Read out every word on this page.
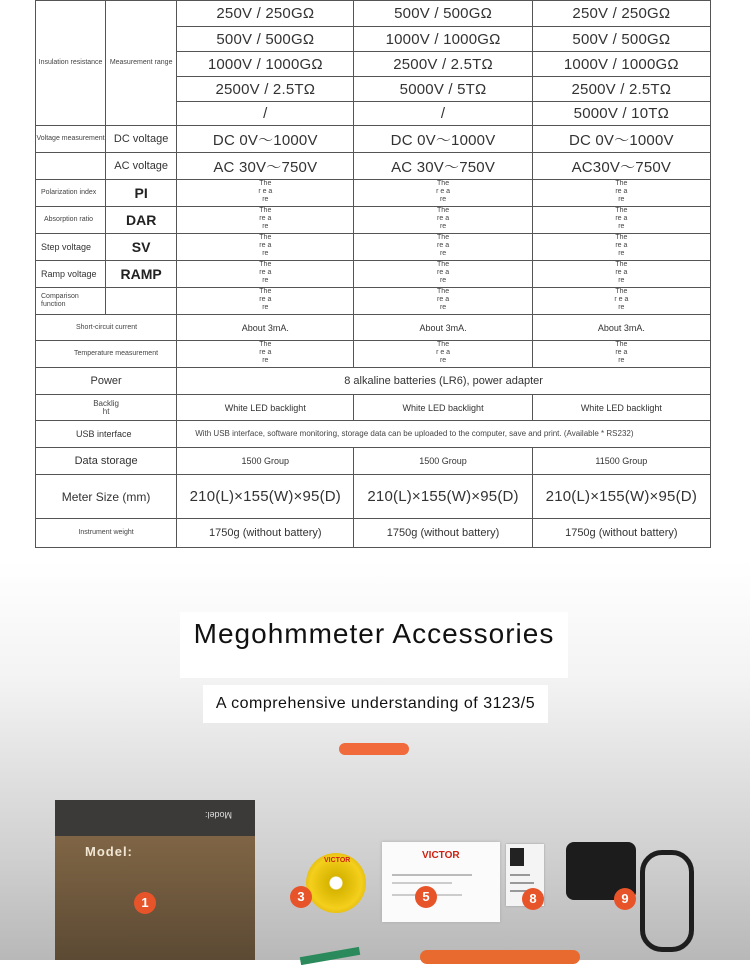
Insulation resistance	Measurement range	250V / 250GΩ	500V / 500GΩ	250V / 250GΩ
		500V / 500GΩ	1000V / 1000GΩ	500V / 500GΩ
		1000V / 1000GΩ	2500V / 2.5TΩ	1000V / 1000GΩ
		2500V / 2.5TΩ	5000V / 5TΩ	2500V / 2.5TΩ
		/	/	5000V / 10TΩ
Voltage measurement	DC voltage	DC 0V～1000V	DC 0V～1000V	DC 0V～1000V
	AC voltage	AC 30V～750V	AC 30V～750V	AC30V～750V
Polarization index	PI	Ther e are	Ther e are	There are
Absorption ratio	DAR	There are	There are	There are
Step voltage	SV	There are	There are	There are
Ramp voltage	RAMP	There are	There are	There are
Comparison function		There are	There are	Ther e are
Short-circuit current		About 3mA.	About 3mA.	About 3mA.
Temperature measurement		There are	Ther e are	There are
Power		8 alkaline batteries (LR6), power adapter		
Backlig ht		White LED backlight	White LED backlight	White LED backlight
USB interface		With USB interface, software monitoring, storage data can be uploaded to the computer, save and print. (Available * RS232)		
Data storage		1500 Group	1500 Group	11500 Group
Meter Size (mm)		210(L)×155(W)×95(D)	210(L)×155(W)×95(D)	210(L)×155(W)×95(D)
Instrument weight		1750g (without battery)	1750g (without battery)	1750g (without battery)
Megohmmeter Accessories
A comprehensive understanding of 3123/5
Model:
Model:
1
VICTOR
3
VICTOR
5	8	9
